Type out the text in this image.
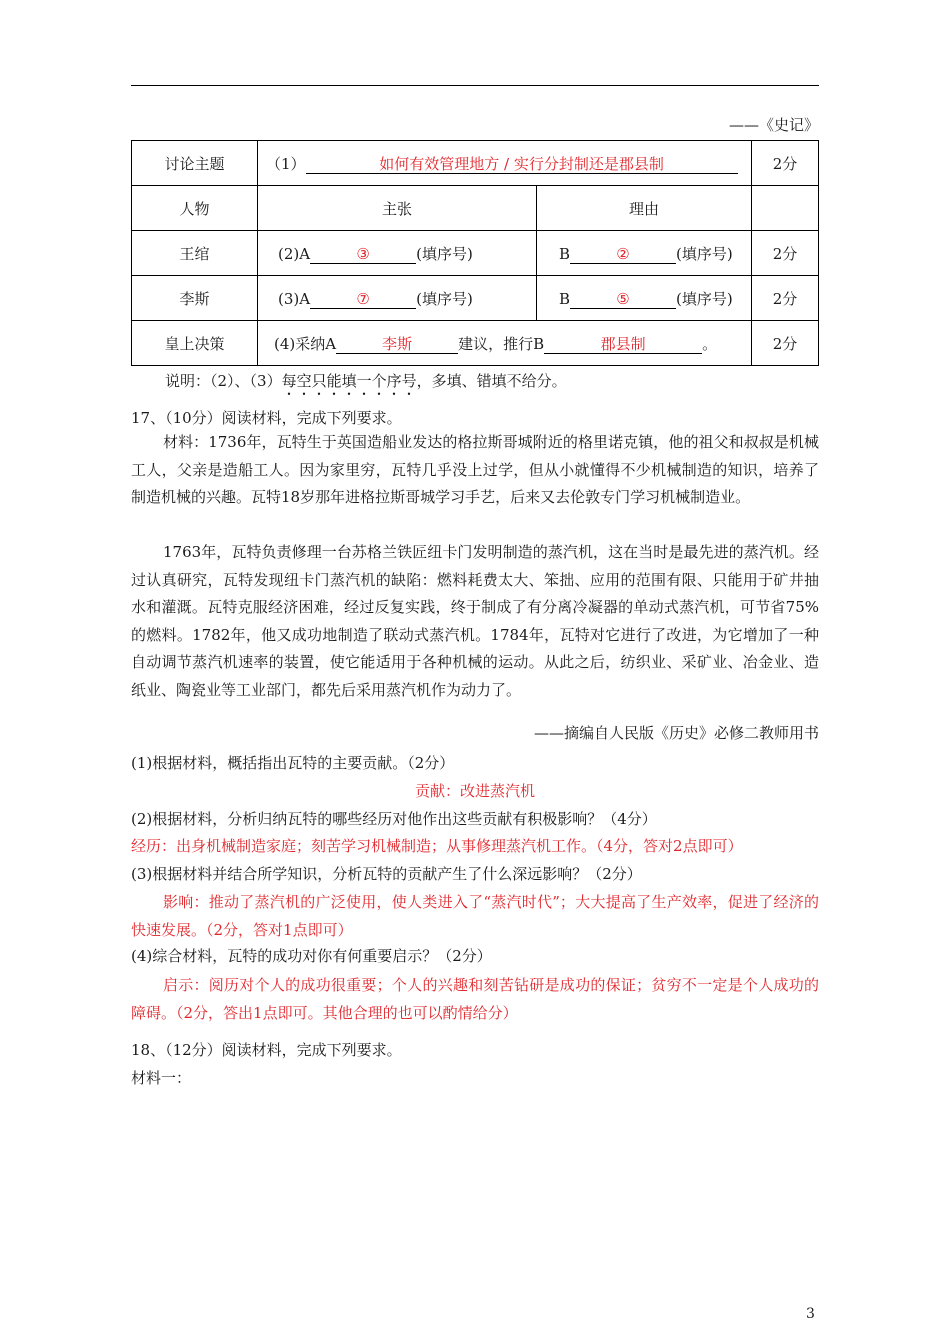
——《史记》
讨论主题	（1） 如何有效管理地方 / 实行分封制还是郡县制		2分
人物	主张	理由	
王绾	(2)A ③ (填序号)	B ② (填序号)	2分
李斯	(3)A ⑦ (填序号)	B ⑤ (填序号)	2分
皇上决策	(4)采纳A 李斯 建议，推行B 郡县制 。		2分
说明：（2）、（3）每空只能填一个序号，多填、错填不给分。
17、（10分）阅读材料，完成下列要求。
材料：1736年，瓦特生于英国造船业发达的格拉斯哥城附近的格里诺克镇，他的祖父和叔叔是机械工人，父亲是造船工人。因为家里穷，瓦特几乎没上过学，但从小就懂得不少机械制造的知识，培养了制造机械的兴趣。瓦特18岁那年进格拉斯哥城学习手艺，后来又去伦敦专门学习机械制造业。
1763年，瓦特负责修理一台苏格兰铁匠纽卡门发明制造的蒸汽机，这在当时是最先进的蒸汽机。经过认真研究，瓦特发现纽卡门蒸汽机的缺陷：燃料耗费太大、笨拙、应用的范围有限、只能用于矿井抽水和灌溉。瓦特克服经济困难，经过反复实践，终于制成了有分离冷凝器的单动式蒸汽机，可节省75%的燃料。1782年，他又成功地制造了联动式蒸汽机。1784年，瓦特对它进行了改进，为它增加了一种自动调节蒸汽机速率的装置，使它能适用于各种机械的运动。从此之后，纺织业、采矿业、冶金业、造纸业、陶瓷业等工业部门，都先后采用蒸汽机作为动力了。
——摘编自人民版《历史》必修二教师用书
(1)根据材料，概括指出瓦特的主要贡献。（2分）
贡献：改进蒸汽机
(2)根据材料，分析归纳瓦特的哪些经历对他作出这些贡献有积极影响？（4分）
经历：出身机械制造家庭；刻苦学习机械制造；从事修理蒸汽机工作。（4分，答对2点即可）
(3)根据材料并结合所学知识，分析瓦特的贡献产生了什么深远影响？（2分）
影响：推动了蒸汽机的广泛使用，使人类进入了“蒸汽时代”；大大提高了生产效率，促进了经济的快速发展。（2分，答对1点即可）
(4)综合材料，瓦特的成功对你有何重要启示？（2分）
启示：阅历对个人的成功很重要；个人的兴趣和刻苦钻研是成功的保证；贫穷不一定是个人成功的障碍。（2分，答出1点即可。其他合理的也可以酌情给分）
18、（12分）阅读材料，完成下列要求。
材料一：
3
